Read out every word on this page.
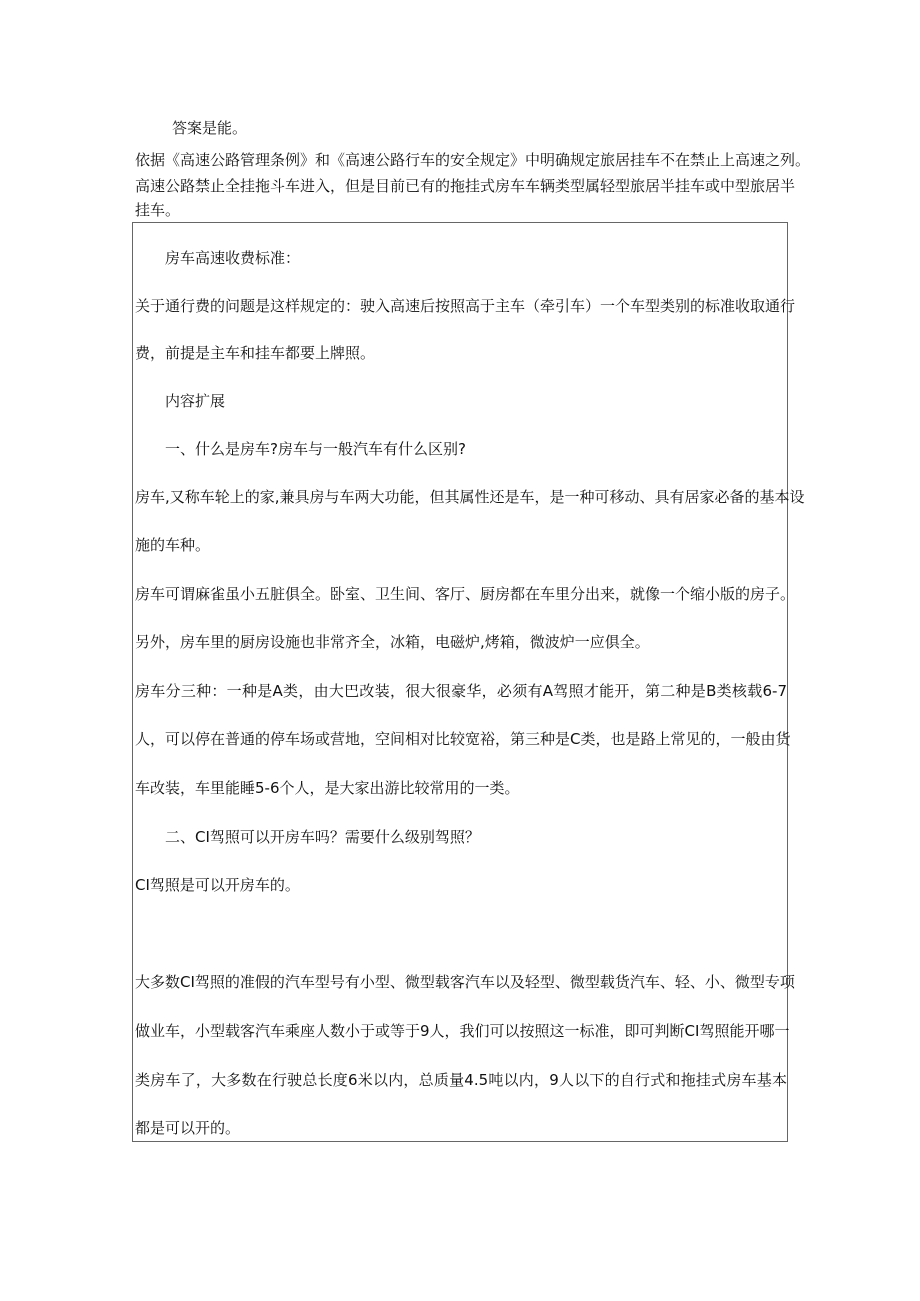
答案是能。
依据《高速公路管理条例》和《高速公路行车的安全规定》中明确规定旅居挂车不在禁止上高速之列。
高速公路禁止全挂拖斗车进入，但是目前已有的拖挂式房车车辆类型属轻型旅居半挂车或中型旅居半
挂车。
房车高速收费标准：
关于通行费的问题是这样规定的：驶入高速后按照高于主车（牵引车）一个车型类别的标准收取通行
费，前提是主车和挂车都要上牌照。
内容扩展
一、什么是房车?房车与一般汽车有什么区别?
房车,又称车轮上的家,兼具房与车两大功能，但其属性还是车，是一种可移动、具有居家必备的基本设
施的车种。
房车可谓麻雀虽小五脏俱全。卧室、卫生间、客厅、厨房都在车里分出来，就像一个缩小版的房子。
另外，房车里的厨房设施也非常齐全，冰箱，电磁炉,烤箱，微波炉一应俱全。
房车分三种：一种是A类，由大巴改装，很大很豪华，必须有A驾照才能开，第二种是B类核载6-7
人，可以停在普通的停车场或营地，空间相对比较宽裕，第三种是C类，也是路上常见的，一般由货
车改装，车里能睡5-6个人，是大家出游比较常用的一类。
二、CI驾照可以开房车吗？需要什么级别驾照？
CI驾照是可以开房车的。
大多数CI驾照的准假的汽车型号有小型、微型载客汽车以及轻型、微型载货汽车、轻、小、微型专项
做业车，小型载客汽车乘座人数小于或等于9人，我们可以按照这一标准，即可判断CI驾照能开哪一
类房车了，大多数在行驶总长度6米以内，总质量4.5吨以内，9人以下的自行式和拖挂式房车基本
都是可以开的。
